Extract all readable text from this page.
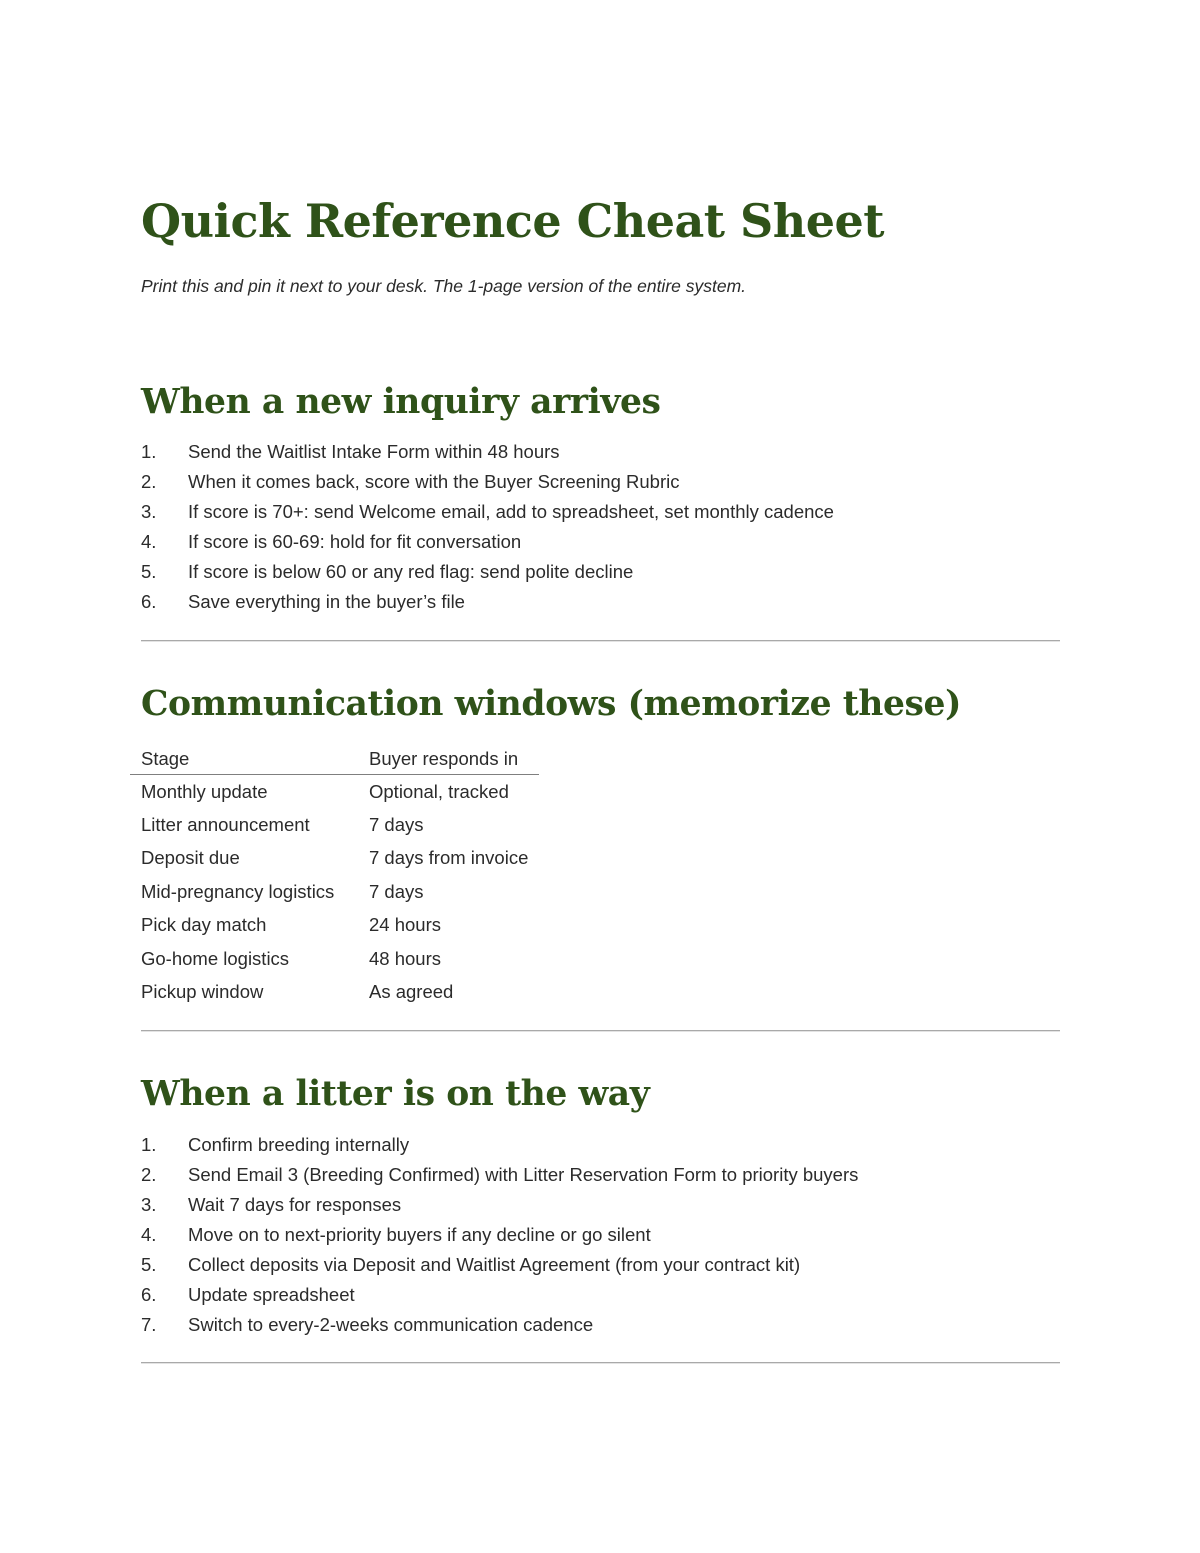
Quick Reference Cheat Sheet

Print this and pin it next to your desk. The 1-page version of the entire system.

When a new inquiry arrives
1.	Send the Waitlist Intake Form within 48 hours
2.	When it comes back, score with the Buyer Screening Rubric
3.	If score is 70+: send Welcome email, add to spreadsheet, set monthly cadence
4.	If score is 60-69: hold for fit conversation
5.	If score is below 60 or any red flag: send polite decline
6.	Save everything in the buyer’s file
Communication windows (memorize these)
Stage	Buyer responds in
Monthly update	Optional, tracked
Litter announcement	7 days
Deposit due	7 days from invoice
Mid-pregnancy logistics	7 days
Pick day match	24 hours
Go-home logistics	48 hours
Pickup window	As agreed
When a litter is on the way
1.	Confirm breeding internally
2.	Send Email 3 (Breeding Confirmed) with Litter Reservation Form to priority buyers
3.	Wait 7 days for responses
4.	Move on to next-priority buyers if any decline or go silent
5.	Collect deposits via Deposit and Waitlist Agreement (from your contract kit)
6.	Update spreadsheet
7.	Switch to every-2-weeks communication cadence
